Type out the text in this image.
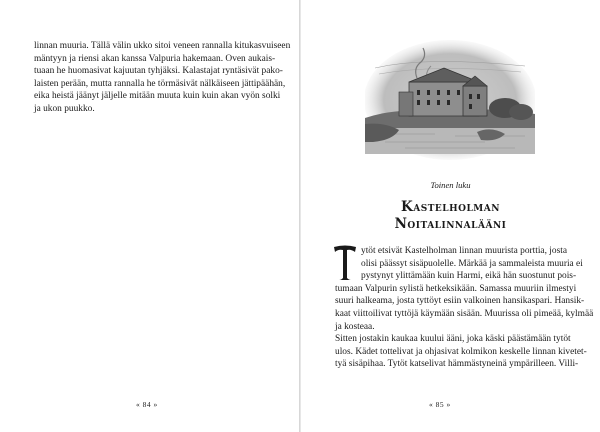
linnan muuria. Tällä välin ukko sitoi veneen rannalla kitukasvuiseen
mäntyyn ja riensi akan kanssa Valpuria hakemaan. Oven aukais-
tuaan he huomasivat kajuutan tyhjäksi. Kalastajat ryntäsivät pako-
laisten perään, mutta rannalla he törmäsivät nälkäiseen jättipäähän,
eika heistä jäänyt jäljelle mitään muuta kuin kuin akan vyön solki
ja ukon puukko.

« 84 »
Toinen luku
Kastelholman
Noitalinnalääni
T

ytöt etsivät Kastelholman linnan muurista porttia, josta
olisi päässyt sisäpuolelle. Märkää ja sammaleista muuria ei
pystynyt ylittämään kuin Harmi, eikä hän suostunut pois-
tumaan Valpurin sylistä hetkeksikään. Samassa muuriin ilmestyi
suuri halkeama, josta tyttöyt esiin valkoinen hansikaspari. Hansik-
kaat viittoilivat tyttöjä käymään sisään. Muurissa oli pimeää, kylmää
ja kosteaa.
Sitten jostakin kaukaa kuului ääni, joka käski päästämään tytöt
ulos. Kädet tottelivat ja ohjasivat kolmikon keskelle linnan kivetet-
tyä sisäpihaa. Tytöt katselivat hämmästyneinä ympärilleen. Villi-

« 85 »
